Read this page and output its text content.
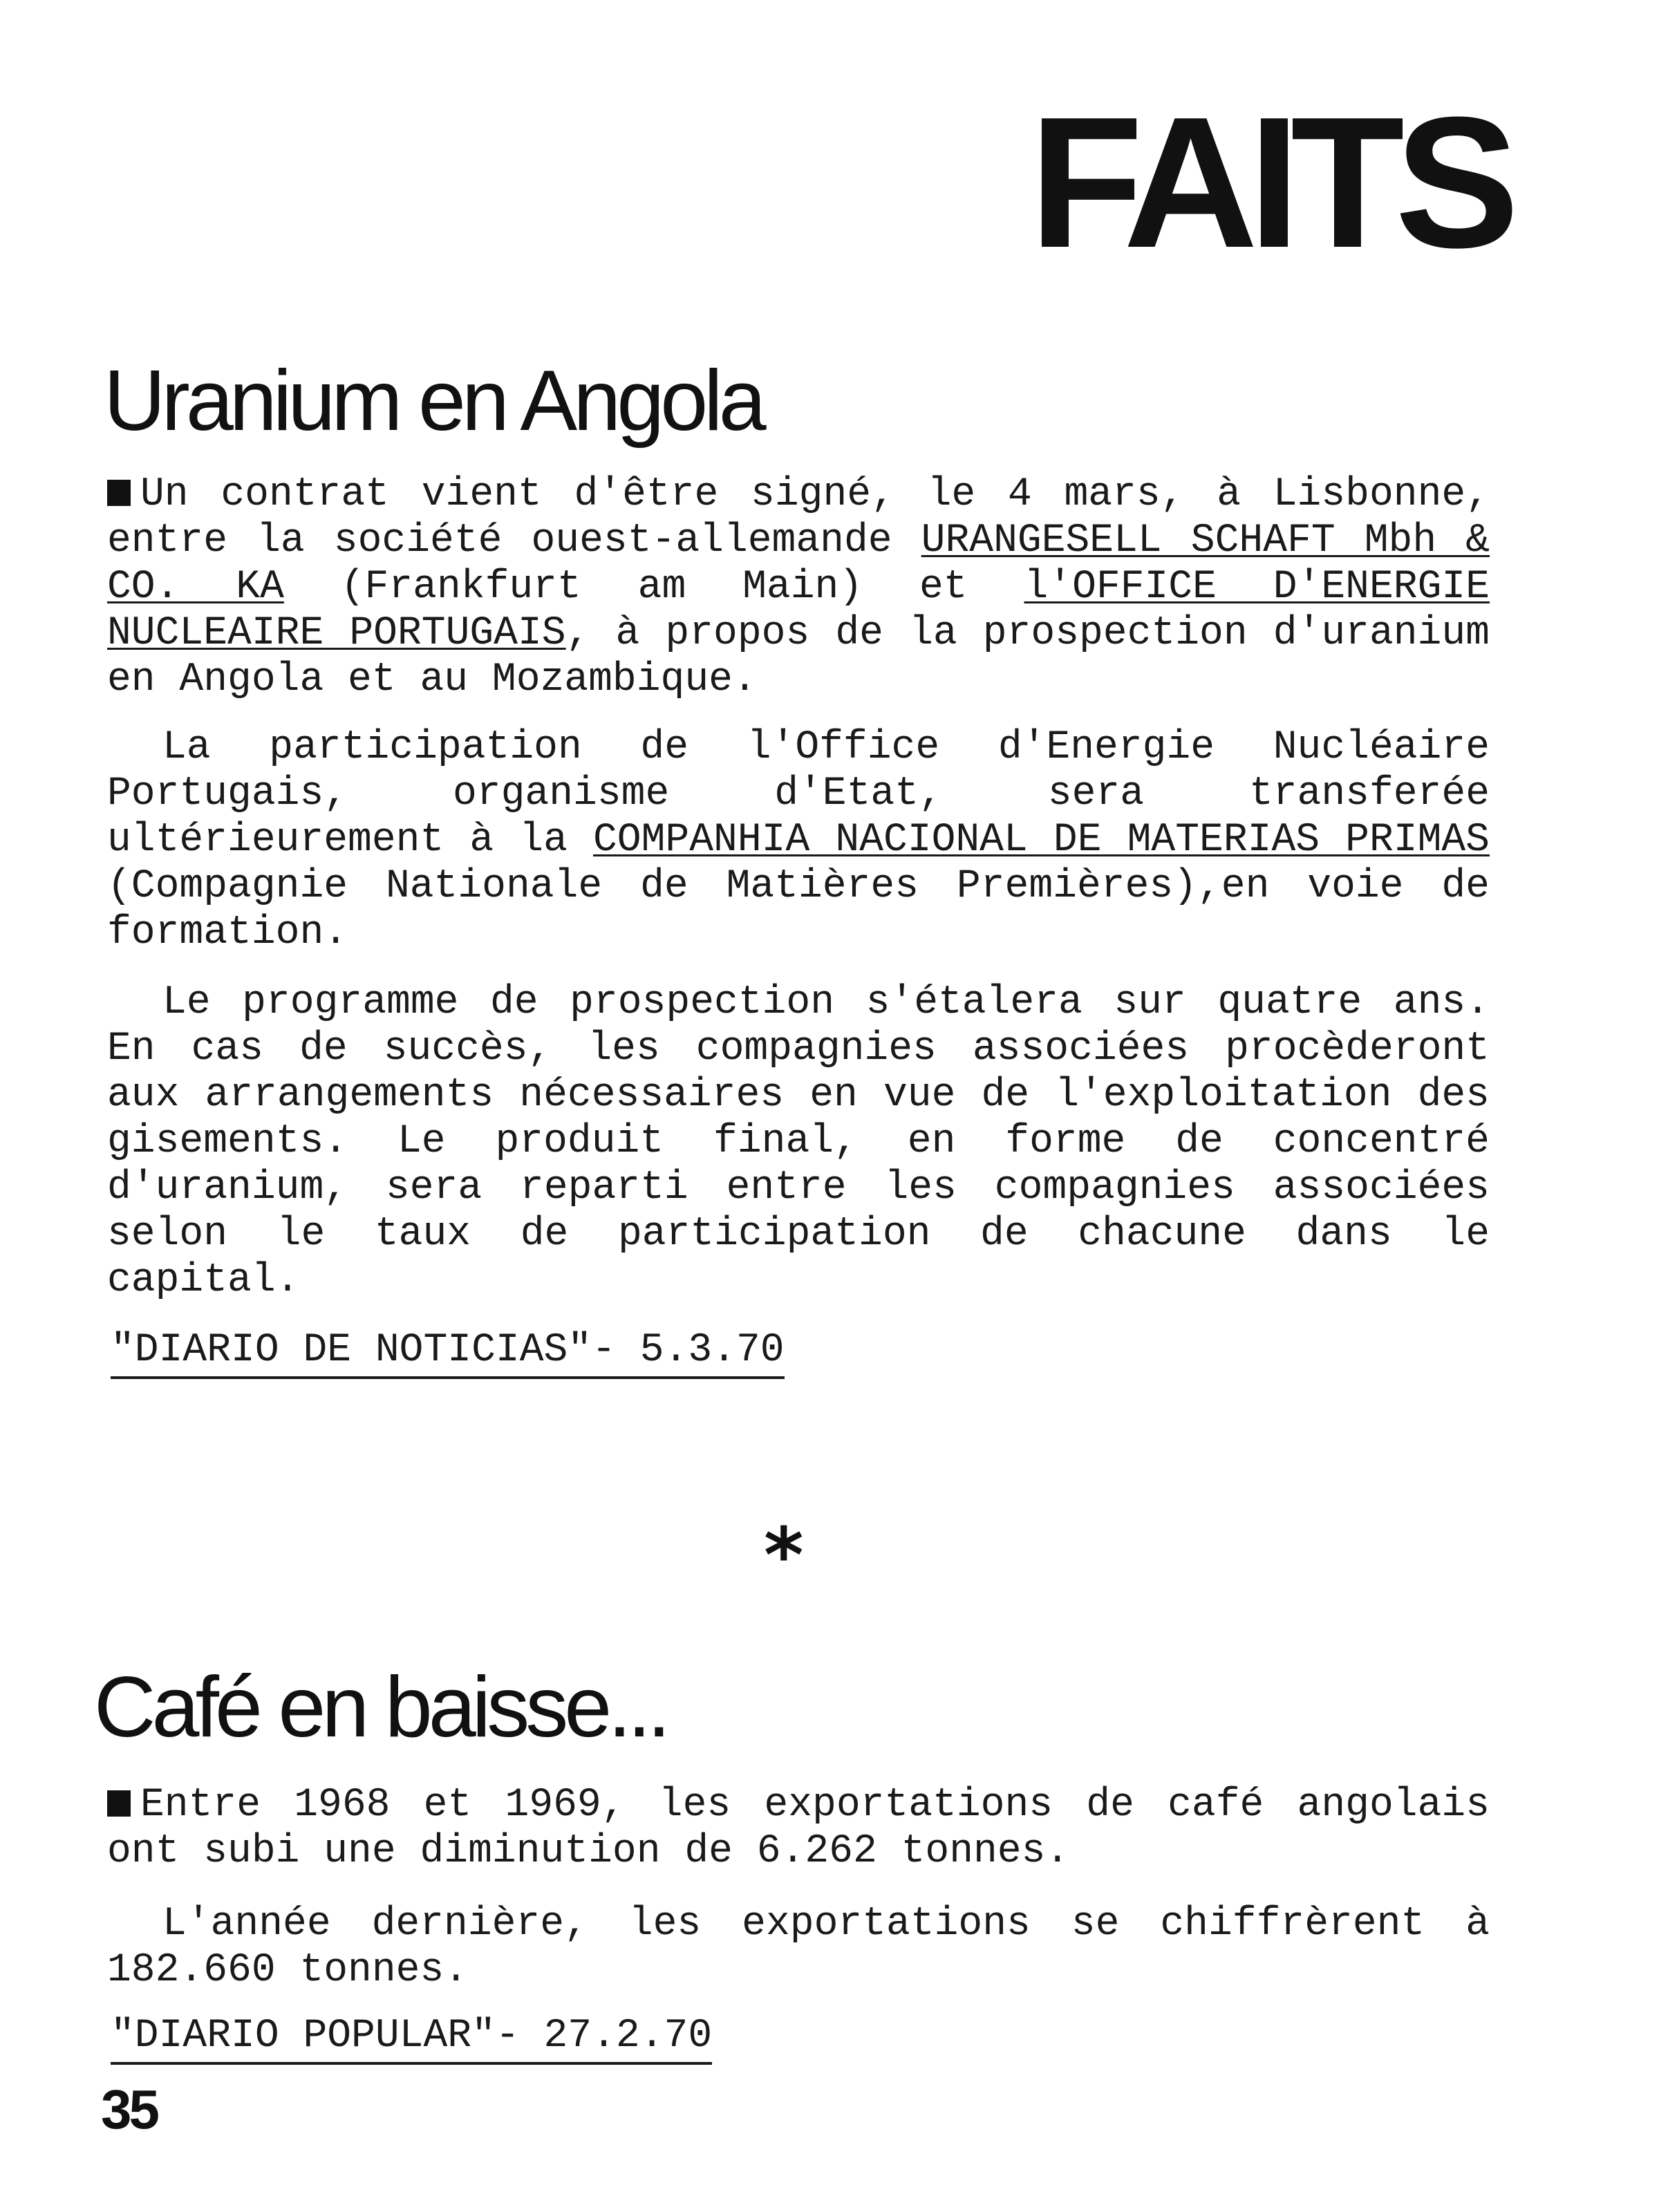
FAITS
Uranium en Angola

Un contrat vient d'être signé, le 4 mars, à Lisbonne, entre la société ouest-allemande URANGESELL SCHAFT Mbh & CO. KA (Frankfurt am Main) et l'OFFICE D'ENERGIE NUCLEAIRE PORTUGAIS, à propos de la prospection d'uranium en Angola et au Mozambique.

La participation de l'Office d'Energie Nucléaire Portugais, organisme d'Etat, sera transferée ultérieurement à la COMPANHIA NACIONAL DE MATERIAS PRIMAS (Compagnie Nationale de Matières Premières),en voie de formation.

Le programme de prospection s'étalera sur quatre ans. En cas de succès, les compagnies associées procèderont aux arrangements nécessaires en vue de l'exploitation des gisements. Le produit final, en forme de concentré d'uranium, sera reparti entre les compagnies associées selon le taux de participation de chacune dans le capital.

"DIARIO DE NOTICIAS"- 5.3.70

*
Café en baisse...

Entre 1968 et 1969, les exportations de café angolais ont subi une diminution de 6.262 tonnes.

L'année dernière, les exportations se chiffrèrent à 182.660 tonnes.

"DIARIO POPULAR"- 27.2.70

35
